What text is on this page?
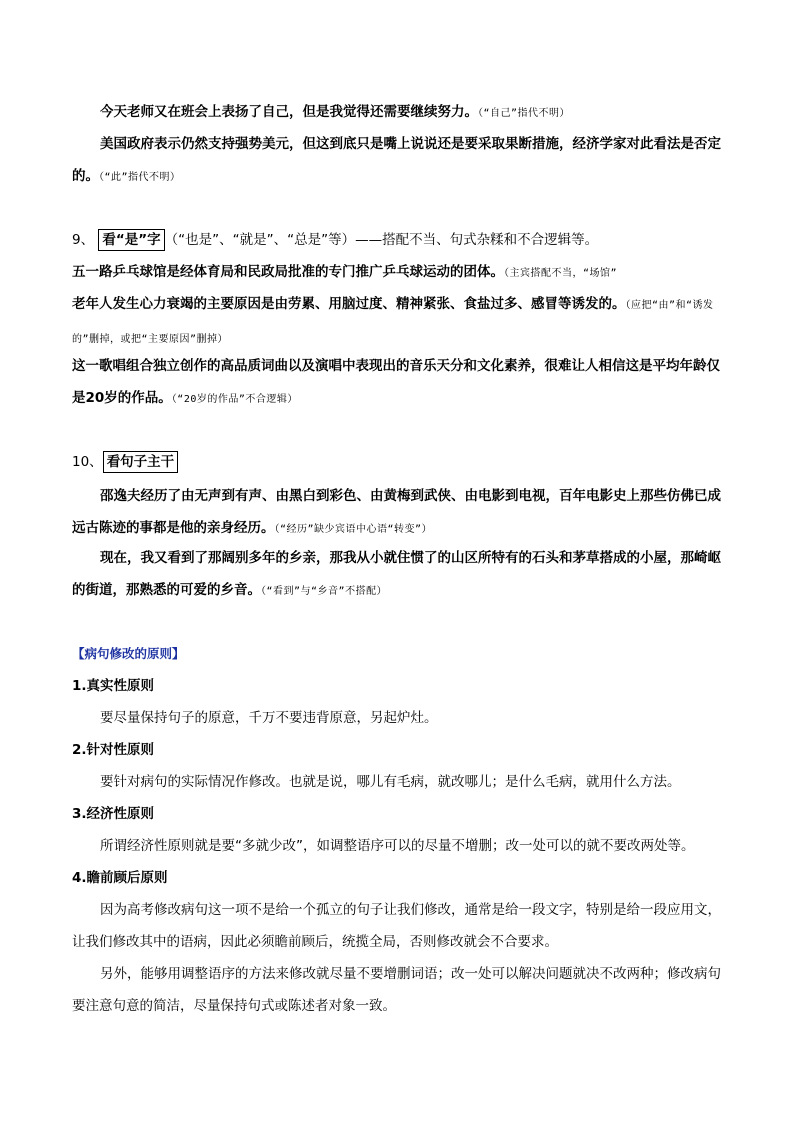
今天老师又在班会上表扬了自己，但是我觉得还需要继续努力。（“自己”指代不明）
美国政府表示仍然支持强势美元，但这到底只是嘴上说说还是要采取果断措施，经济学家对此看法是否定的。（“此”指代不明）
9、 看“是”字 （“也是”、“就是”、“总是”等）——搭配不当、句式杂糅和不合逻辑等。
五一路乒乓球馆是经体育局和民政局批准的专门推广乒乓球运动的团体。（主宾搭配不当，“场馆”
老年人发生心力衰竭的主要原因是由劳累、用脑过度、精神紧张、食盐过多、感冒等诱发的。（应把“由”和“诱发的”删掉，或把“主要原因”删掉）
这一歌唱组合独立创作的高品质词曲以及演唱中表现出的音乐天分和文化素养，很难让人相信这是平均年龄仅是20岁的作品。（“20岁的作品”不合逻辑）
10、 看句子主干
邵逸夫经历了由无声到有声、由黑白到彩色、由黄梅到武侠、由电影到电视，百年电影史上那些仿佛已成远古陈迹的事都是他的亲身经历。（“经历”缺少宾语中心语“转变”）
现在，我又看到了那阔别多年的乡亲，那我从小就住惯了的山区所特有的石头和茅草搭成的小屋，那崎岖的街道，那熟悉的可爱的乡音。（“看到”与“乡音”不搭配）
【病句修改的原则】
1.真实性原则
要尽量保持句子的原意，千万不要违背原意，另起炉灶。
2.针对性原则
要针对病句的实际情况作修改。也就是说，哪儿有毛病，就改哪儿；是什么毛病，就用什么方法。
3.经济性原则
所谓经济性原则就是要“多就少改”，如调整语序可以的尽量不增删；改一处可以的就不要改两处等。
4.瞻前顾后原则
因为高考修改病句这一项不是给一个孤立的句子让我们修改，通常是给一段文字，特别是给一段应用文，让我们修改其中的语病，因此必须瞻前顾后，统揽全局，否则修改就会不合要求。
另外，能够用调整语序的方法来修改就尽量不要增删词语；改一处可以解决问题就决不改两种；修改病句要注意句意的简洁，尽量保持句式或陈述者对象一致。
